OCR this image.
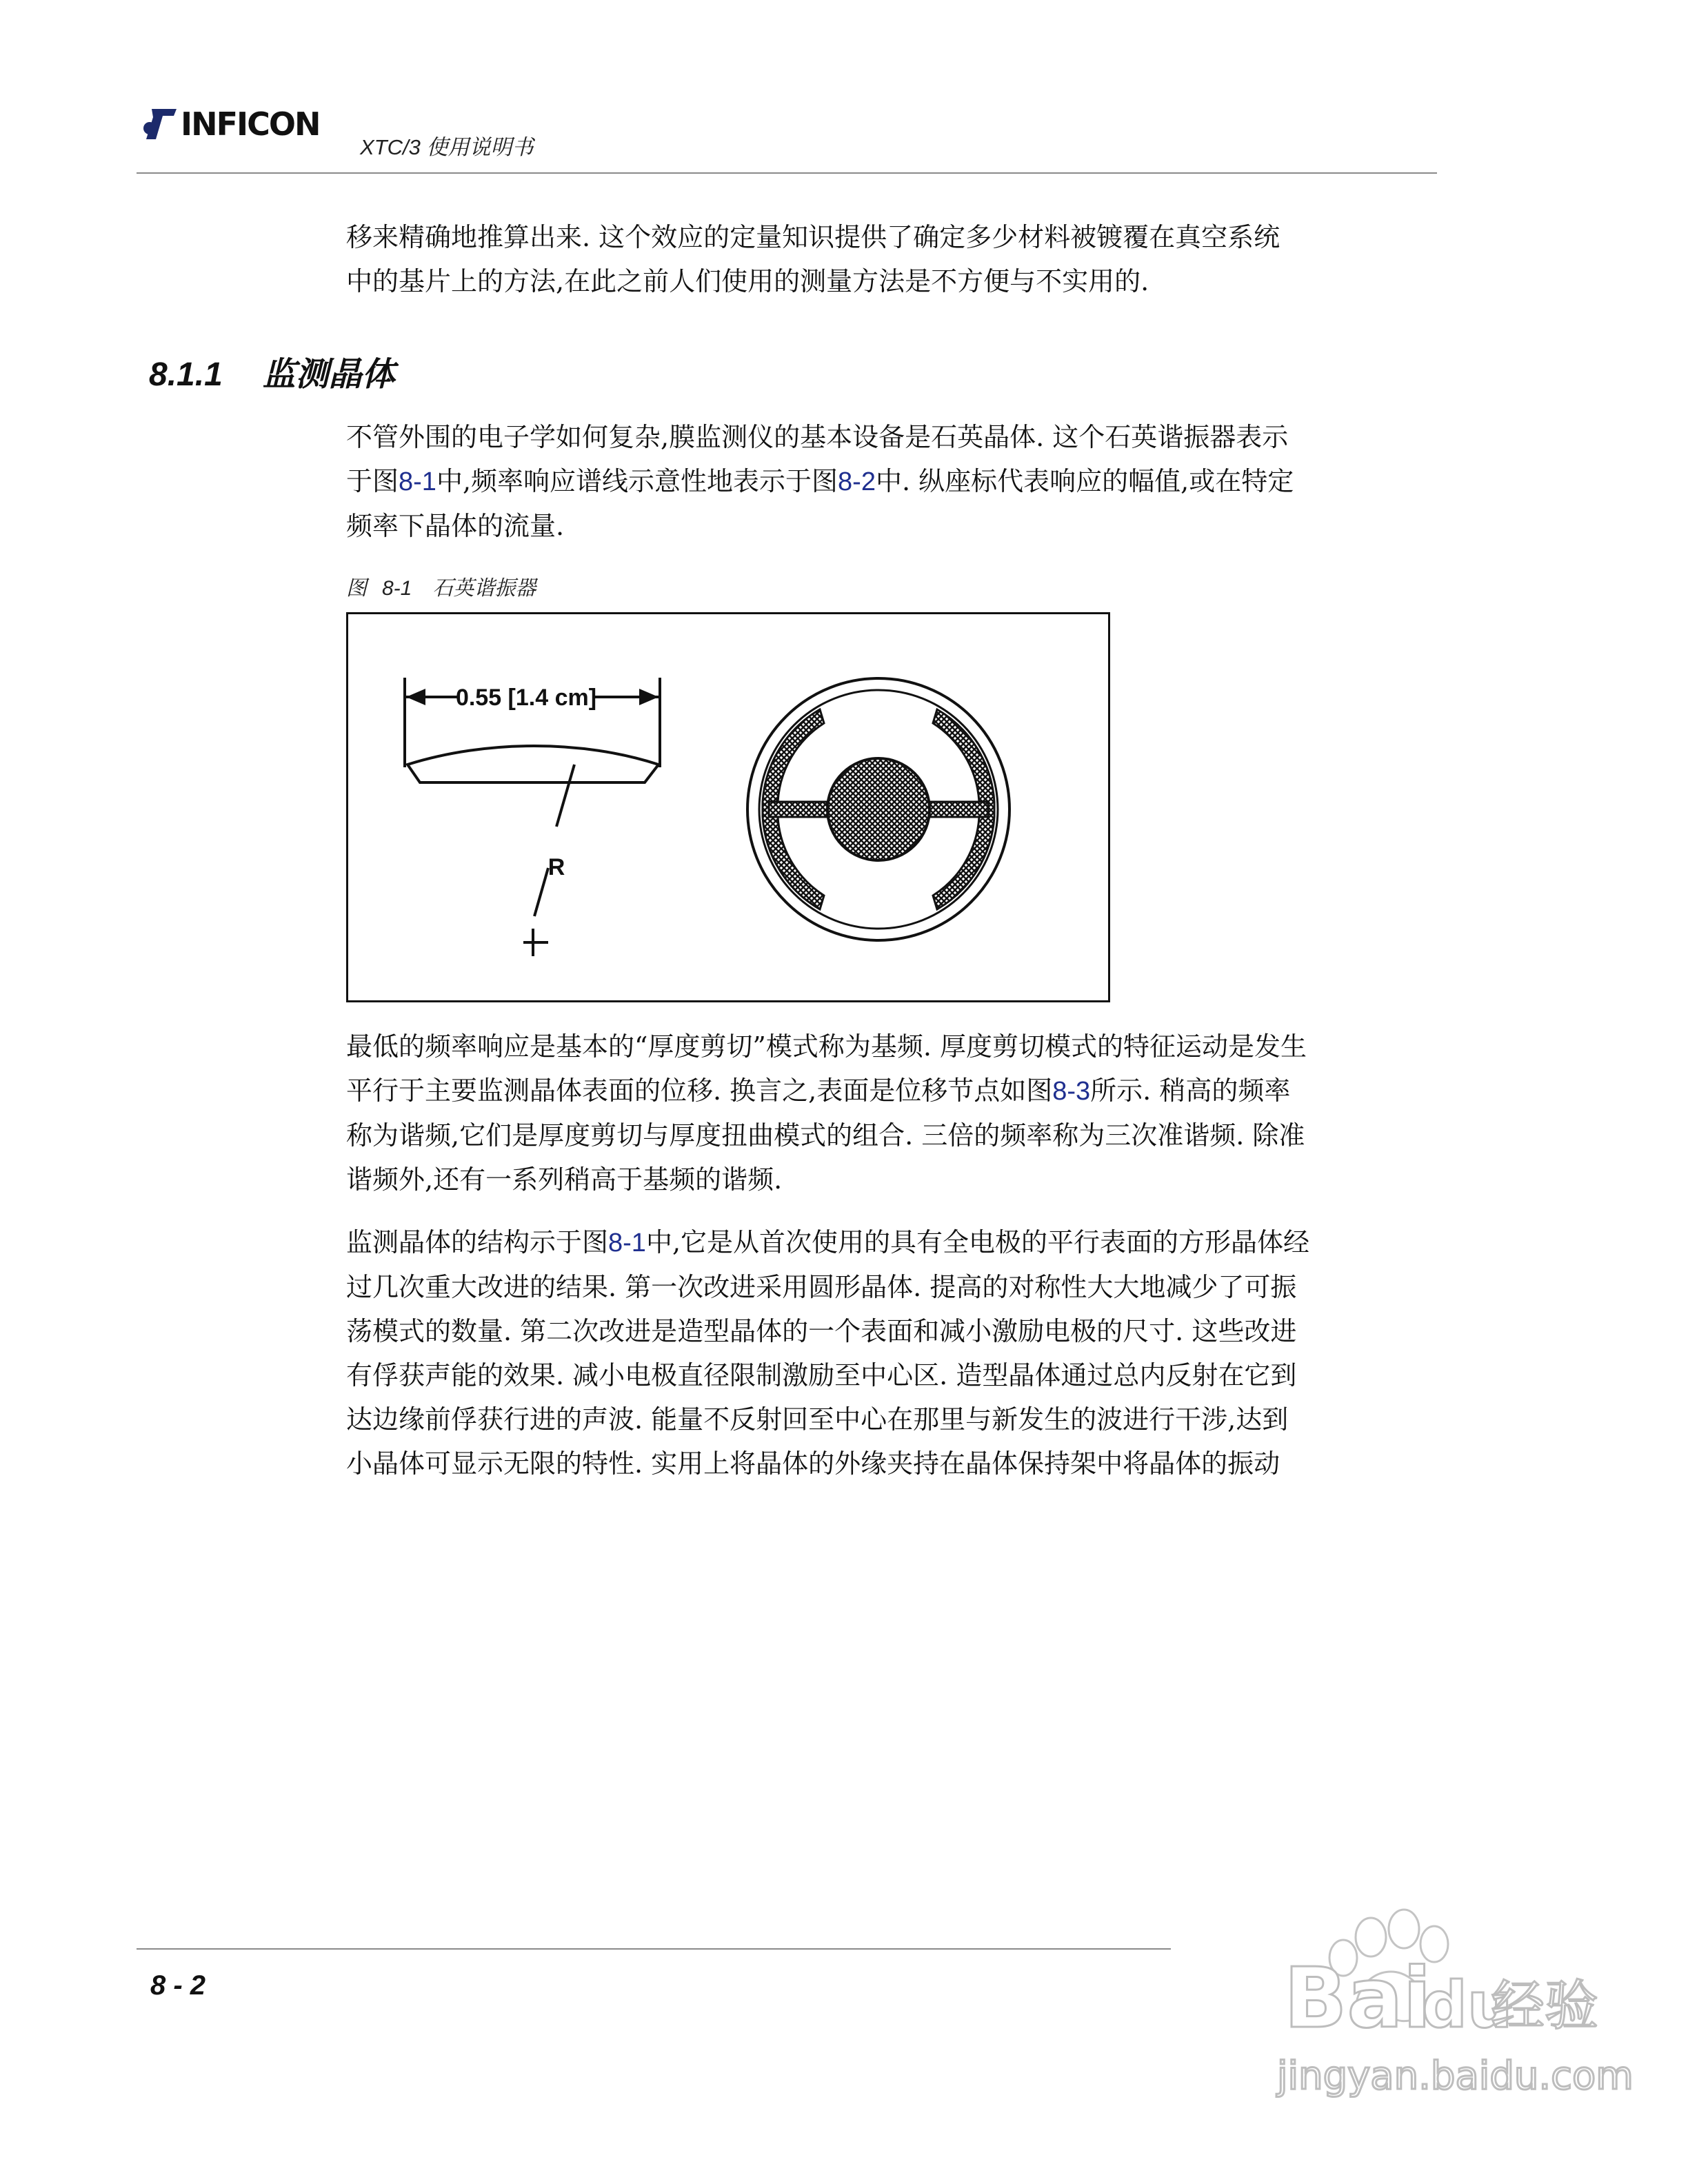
INFICON
XTC/3 使用说明书

移来精确地推算出来. 这个效应的定量知识提供了确定多少材料被镀覆在真空系统
中的基片上的方法,在此之前人们使用的测量方法是不方便与不实用的.

8.1.1 监测晶体

不管外围的电子学如何复杂,膜监测仪的基本设备是石英晶体. 这个石英谐振器表示
于图8-1中,频率响应谱线示意性地表示于图8-2中. 纵座标代表响应的幅值,或在特定
频率下晶体的流量.

图 8-1 石英谐振器
0.55 [1.4 cm]
R

最低的频率响应是基本的“厚度剪切”模式称为基频. 厚度剪切模式的特征运动是发生
平行于主要监测晶体表面的位移. 换言之,表面是位移节点如图8-3所示. 稍高的频率
称为谐频,它们是厚度剪切与厚度扭曲模式的组合. 三倍的频率称为三次准谐频. 除准
谐频外,还有一系列稍高于基频的谐频.

监测晶体的结构示于图8-1中,它是从首次使用的具有全电极的平行表面的方形晶体经
过几次重大改进的结果. 第一次改进采用圆形晶体. 提高的对称性大大地减少了可振
荡模式的数量. 第二次改进是造型晶体的一个表面和减小激励电极的尺寸. 这些改进
有俘获声能的效果. 减小电极直径限制激励至中心区. 造型晶体通过总内反射在它到
达边缘前俘获行进的声波. 能量不反射回至中心在那里与新发生的波进行干涉,达到
小晶体可显示无限的特性. 实用上将晶体的外缘夹持在晶体保持架中将晶体的振动

8 - 2	Bai
du
经验
jingyan.baidu.com
